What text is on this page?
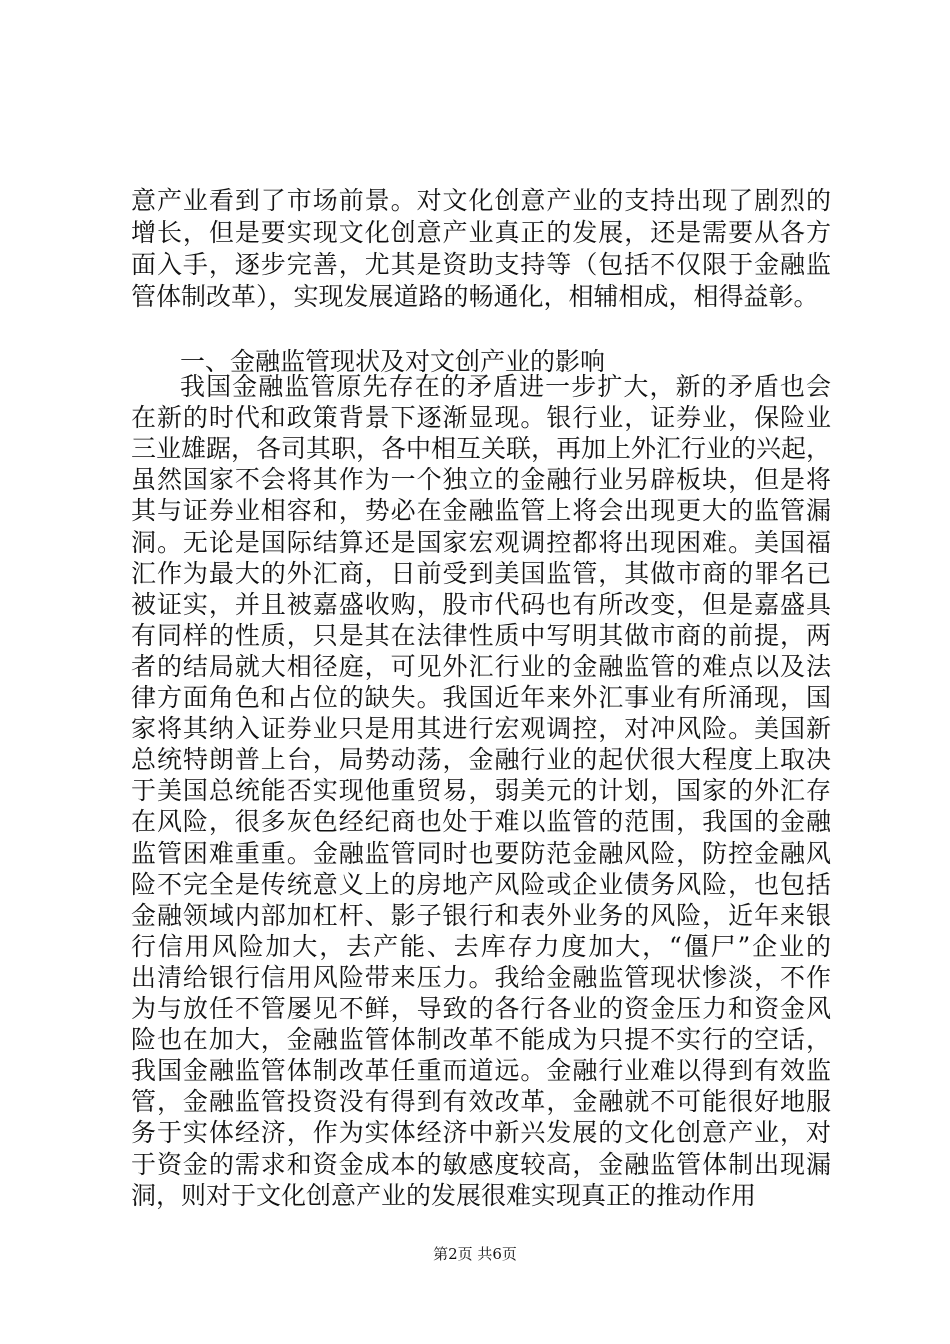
意产业看到了市场前景。对文化创意产业的支持出现了剧烈的
增长，但是要实现文化创意产业真正的发展，还是需要从各方
面入手，逐步完善，尤其是资助支持等（包括不仅限于金融监
管体制改革），实现发展道路的畅通化，相辅相成，相得益彰。
一、金融监管现状及对文创产业的影响
我国金融监管原先存在的矛盾进一步扩大，新的矛盾也会
在新的时代和政策背景下逐渐显现。银行业，证券业，保险业
三业雄踞，各司其职，各中相互关联，再加上外汇行业的兴起，
虽然国家不会将其作为一个独立的金融行业另辟板块，但是将
其与证券业相容和，势必在金融监管上将会出现更大的监管漏
洞。无论是国际结算还是国家宏观调控都将出现困难。美国福
汇作为最大的外汇商，日前受到美国监管，其做市商的罪名已
被证实，并且被嘉盛收购，股市代码也有所改变，但是嘉盛具
有同样的性质，只是其在法律性质中写明其做市商的前提，两
者的结局就大相径庭，可见外汇行业的金融监管的难点以及法
律方面角色和占位的缺失。我国近年来外汇事业有所涌现，国
家将其纳入证券业只是用其进行宏观调控，对冲风险。美国新
总统特朗普上台，局势动荡，金融行业的起伏很大程度上取决
于美国总统能否实现他重贸易，弱美元的计划，国家的外汇存
在风险，很多灰色经纪商也处于难以监管的范围，我国的金融
监管困难重重。金融监管同时也要防范金融风险，防控金融风
险不完全是传统意义上的房地产风险或企业债务风险，也包括
金融领域内部加杠杆、影子银行和表外业务的风险，近年来银
行信用风险加大，去产能、去库存力度加大，“僵尸”企业的
出清给银行信用风险带来压力。我给金融监管现状惨淡，不作
为与放任不管屡见不鲜，导致的各行各业的资金压力和资金风
险也在加大，金融监管体制改革不能成为只提不实行的空话，
我国金融监管体制改革任重而道远。金融行业难以得到有效监
管，金融监管投资没有得到有效改革，金融就不可能很好地服
务于实体经济，作为实体经济中新兴发展的文化创意产业，对
于资金的需求和资金成本的敏感度较高，金融监管体制出现漏
洞，则对于文化创意产业的发展很难实现真正的推动作用
第2页 共6页
